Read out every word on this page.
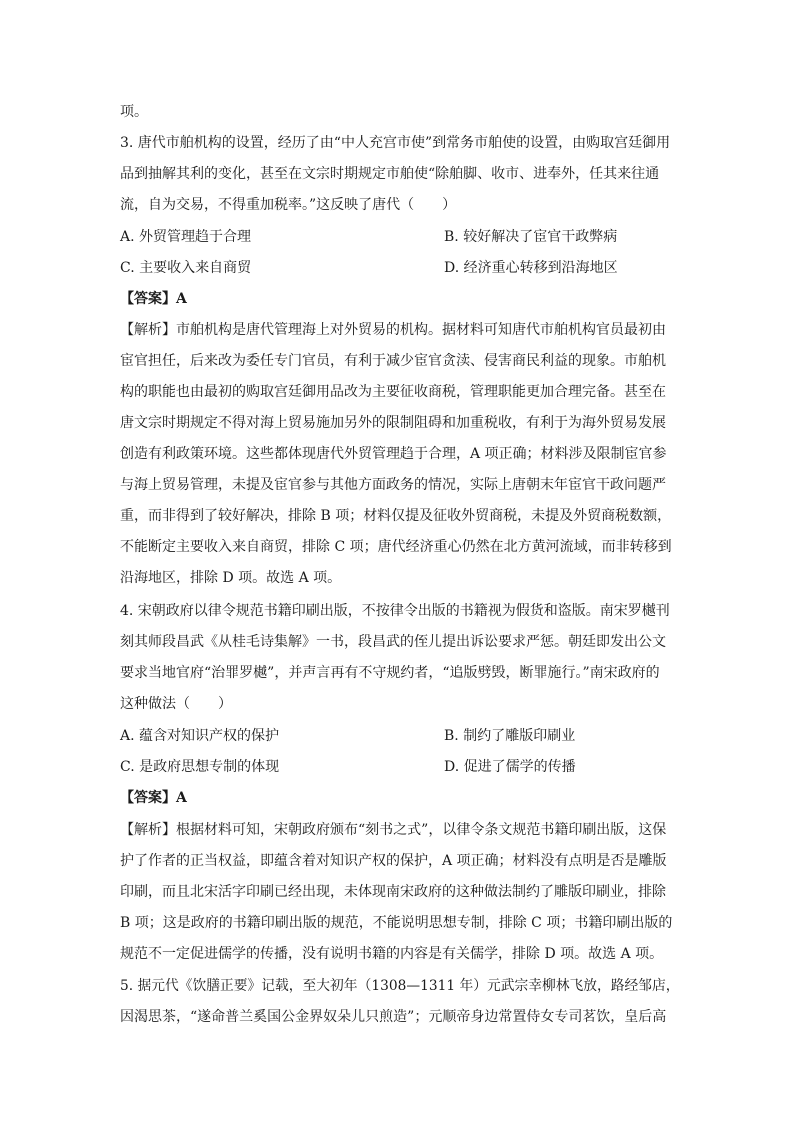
项。
3. 唐代市舶机构的设置，经历了由“中人充宫市使”到常务市舶使的设置，由购取宫廷御用
品到抽解其利的变化，甚至在文宗时期规定市舶使“除舶脚、收市、进奉外，任其来往通
流，自为交易，不得重加税率。”这反映了唐代（　　）
A. 外贸管理趋于合理	B. 较好解决了宦官干政弊病
C. 主要收入来自商贸	D. 经济重心转移到沿海地区
【答案】A
【解析】市舶机构是唐代管理海上对外贸易的机构。据材料可知唐代市舶机构官员最初由
宦官担任，后来改为委任专门官员，有利于减少宦官贪渎、侵害商民利益的现象。市舶机
构的职能也由最初的购取宫廷御用品改为主要征收商税，管理职能更加合理完备。甚至在
唐文宗时期规定不得对海上贸易施加另外的限制阻碍和加重税收，有利于为海外贸易发展
创造有利政策环境。这些都体现唐代外贸管理趋于合理，A 项正确；材料涉及限制宦官参
与海上贸易管理，未提及宦官参与其他方面政务的情况，实际上唐朝末年宦官干政问题严
重，而非得到了较好解决，排除 B 项；材料仅提及征收外贸商税，未提及外贸商税数额，
不能断定主要收入来自商贸，排除 C 项；唐代经济重心仍然在北方黄河流域，而非转移到
沿海地区，排除 D 项。故选 A 项。
4. 宋朝政府以律令规范书籍印刷出版，不按律令出版的书籍视为假货和盗版。南宋罗樾刊
刻其师段昌武《从桂毛诗集解》一书，段昌武的侄儿提出诉讼要求严惩。朝廷即发出公文
要求当地官府“治罪罗樾”，并声言再有不守规约者，“追版劈毁，断罪施行。”南宋政府的
这种做法（　　）
A. 蕴含对知识产权的保护	B. 制约了雕版印刷业
C. 是政府思想专制的体现	D. 促进了儒学的传播
【答案】A
【解析】根据材料可知，宋朝政府颁布“刻书之式”，以律令条文规范书籍印刷出版，这保
护了作者的正当权益，即蕴含着对知识产权的保护，A 项正确；材料没有点明是否是雕版
印刷，而且北宋活字印刷已经出现，未体现南宋政府的这种做法制约了雕版印刷业，排除
B 项；这是政府的书籍印刷出版的规范，不能说明思想专制，排除 C 项；书籍印刷出版的
规范不一定促进儒学的传播，没有说明书籍的内容是有关儒学，排除 D 项。故选 A 项。
5. 据元代《饮膳正要》记载，至大初年（1308—1311 年）元武宗幸柳林飞放，路经邹店，
因渴思茶，“遂命普兰奚国公金界奴朵儿只煎造”；元顺帝身边常置侍女专司茗饮，皇后高
